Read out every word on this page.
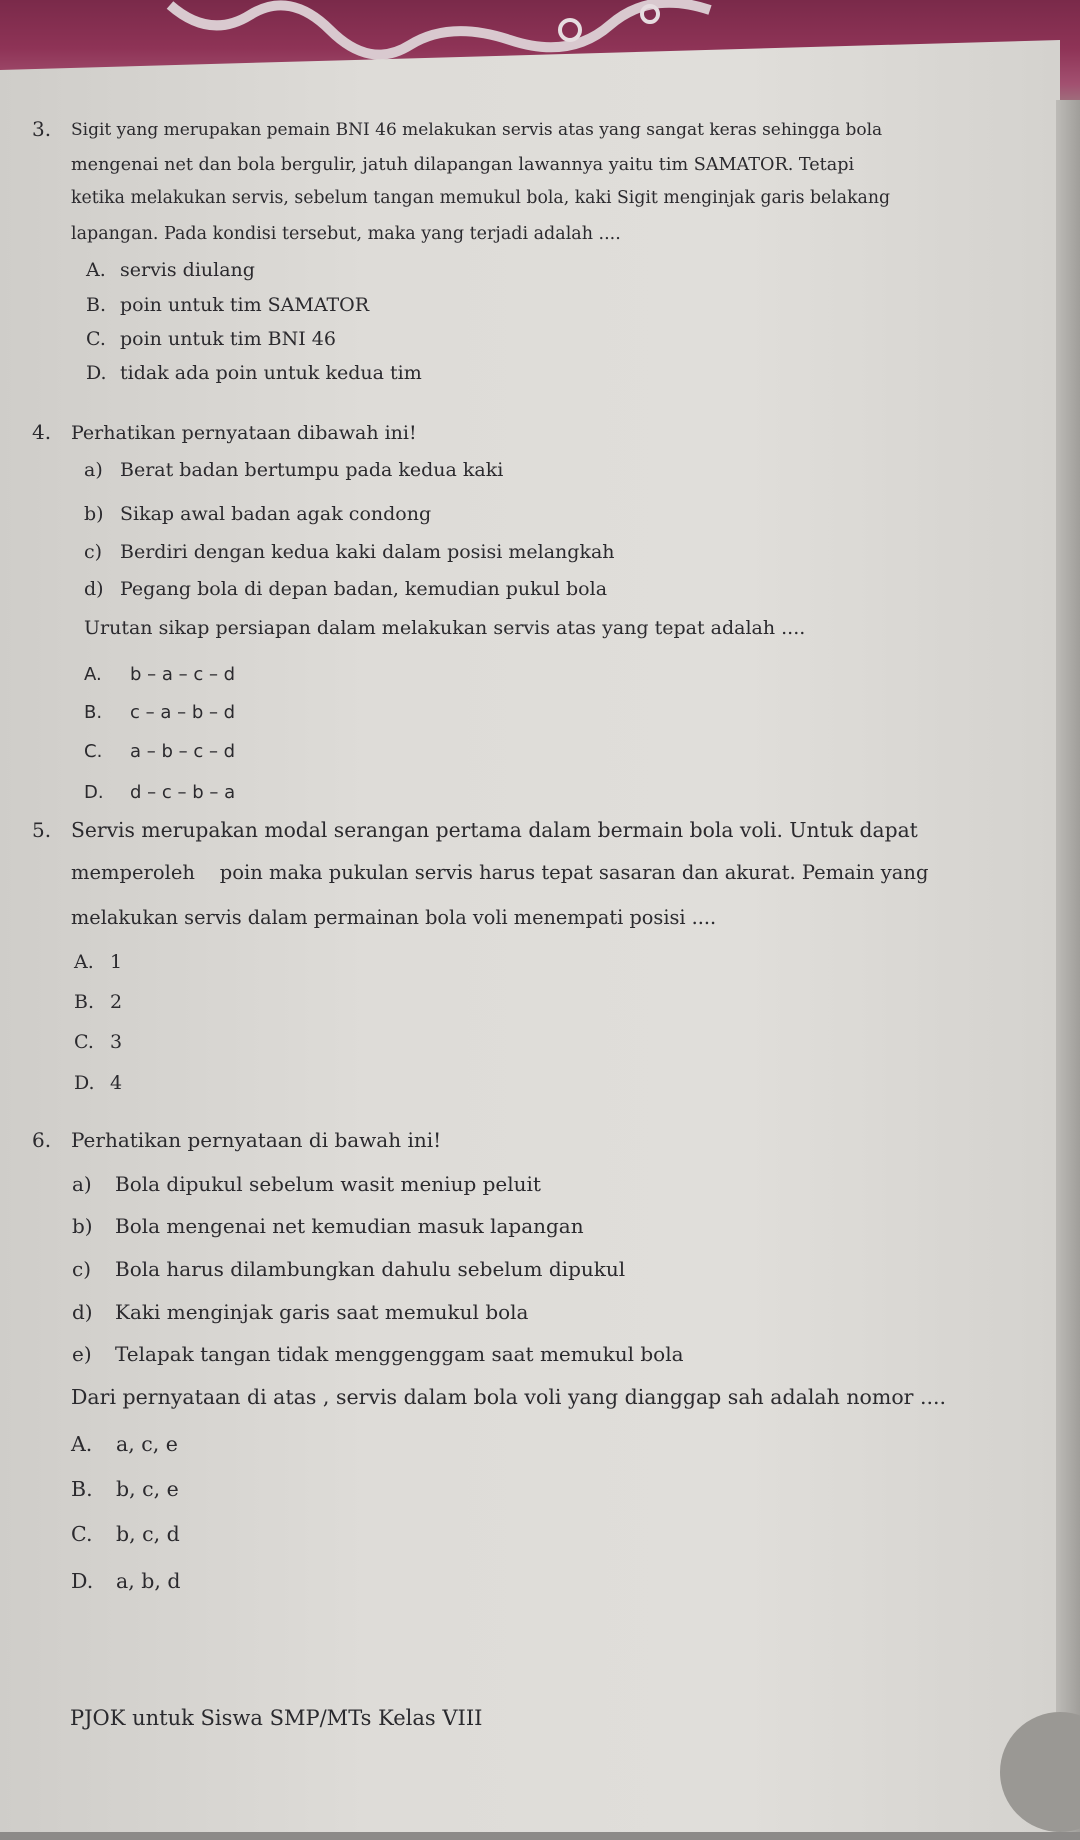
3. Sigit yang merupakan pemain BNI 46 melakukan servis atas yang sangat keras sehingga bola
mengenai net dan bola bergulir, jatuh dilapangan lawannya yaitu tim SAMATOR. Tetapi
ketika melakukan servis, sebelum tangan memukul bola, kaki Sigit menginjak garis belakang
lapangan. Pada kondisi tersebut, maka yang terjadi adalah ....
A. servis diulang
B. poin untuk tim SAMATOR
C. poin untuk tim BNI 46
D. tidak ada poin untuk kedua tim
4. Perhatikan pernyataan dibawah ini!
a) Berat badan bertumpu pada kedua kaki
b) Sikap awal badan agak condong
c) Berdiri dengan kedua kaki dalam posisi melangkah
d) Pegang bola di depan badan, kemudian pukul bola
Urutan sikap persiapan dalam melakukan servis atas yang tepat adalah ....
A. b – a – c – d
B. c – a – b – d
C. a – b – c – d
D. d – c – b – a
5. Servis merupakan modal serangan pertama dalam bermain bola voli. Untuk dapat
memperoleh    poin maka pukulan servis harus tepat sasaran dan akurat. Pemain yang
melakukan servis dalam permainan bola voli menempati posisi ....
A. 1
B. 2
C. 3
D. 4
6. Perhatikan pernyataan di bawah ini!
a) Bola dipukul sebelum wasit meniup peluit
b) Bola mengenai net kemudian masuk lapangan
c) Bola harus dilambungkan dahulu sebelum dipukul
d) Kaki menginjak garis saat memukul bola
e) Telapak tangan tidak menggenggam saat memukul bola
Dari pernyataan di atas , servis dalam bola voli yang dianggap sah adalah nomor ....
A. a, c, e
B. b, c, e
C. b, c, d
D. a, b, d
PJOK untuk Siswa SMP/MTs Kelas VIII
